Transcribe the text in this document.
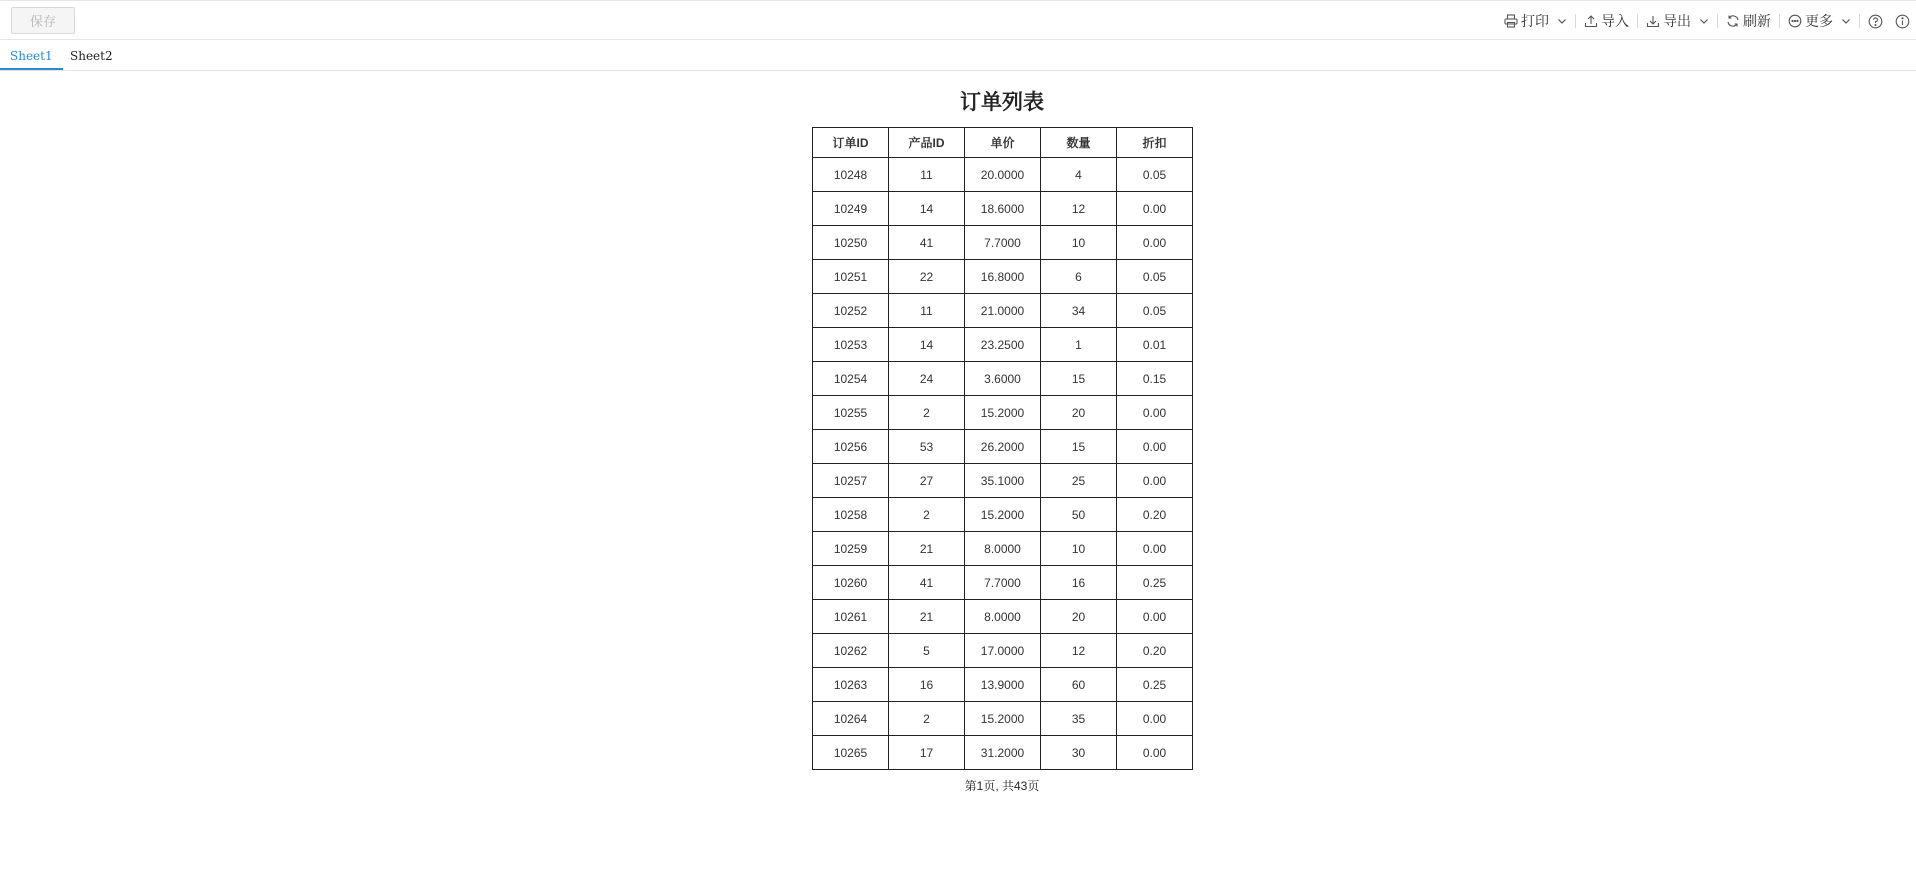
保存	打印	导入 导出	刷新 更多
Sheet1	Sheet2
订单列表
订单ID	产品ID	单价	数量	折扣
10248	11	20.0000	4	0.05
10249	14	18.6000	12	0.00
10250	41	7.7000	10	0.00
10251	22	16.8000	6	0.05
10252	11	21.0000	34	0.05
10253	14	23.2500	1	0.01
10254	24	3.6000	15	0.15
10255	2	15.2000	20	0.00
10256	53	26.2000	15	0.00
10257	27	35.1000	25	0.00
10258	2	15.2000	50	0.20
10259	21	8.0000	10	0.00
10260	41	7.7000	16	0.25
10261	21	8.0000	20	0.00
10262	5	17.0000	12	0.20
10263	16	13.9000	60	0.25
10264	2	15.2000	35	0.00
10265	17	31.2000	30	0.00
第1页, 共43页
